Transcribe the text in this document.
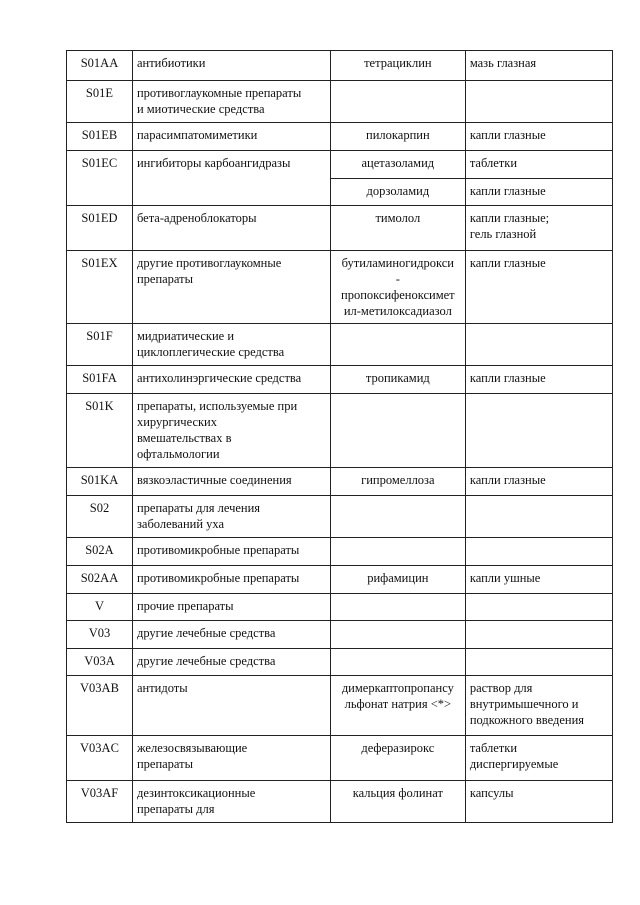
S01AA	антибиотики	тетрациклин	мазь глазная

S01E	противоглаукомные препараты
и миотические средства		

S01EB	парасимпатомиметики	пилокарпин	капли глазные

S01EC	ингибиторы карбоангидразы	ацетазоламид	таблетки

		дорзоламид	капли глазные

S01ED	бета-адреноблокаторы	тимолол	капли глазные;
гель глазной

S01EX	другие противоглаукомные
препараты	бутиламиногидрокси
-
пропоксифеноксимет
ил-метилоксадиазол	капли глазные

S01F	мидриатические и
циклоплегические средства		

S01FA	антихолинэргические средства	тропикамид	капли глазные

S01K	препараты, используемые при
хирургических
вмешательствах в
офтальмологии		

S01KA	вязкоэластичные соединения	гипромеллоза	капли глазные

S02	препараты для лечения
заболеваний уха		

S02A	противомикробные препараты		

S02AA	противомикробные препараты	рифамицин	капли ушные

V	прочие препараты		

V03	другие лечебные средства		

V03A	другие лечебные средства		

V03AB	антидоты	димеркаптопропансу
льфонат натрия <*>	раствор для
внутримышечного и
подкожного введения

V03AC	железосвязывающие
препараты	деферазирокс	таблетки
диспергируемые

V03AF	дезинтоксикационные
препараты для	кальция фолинат	капсулы
